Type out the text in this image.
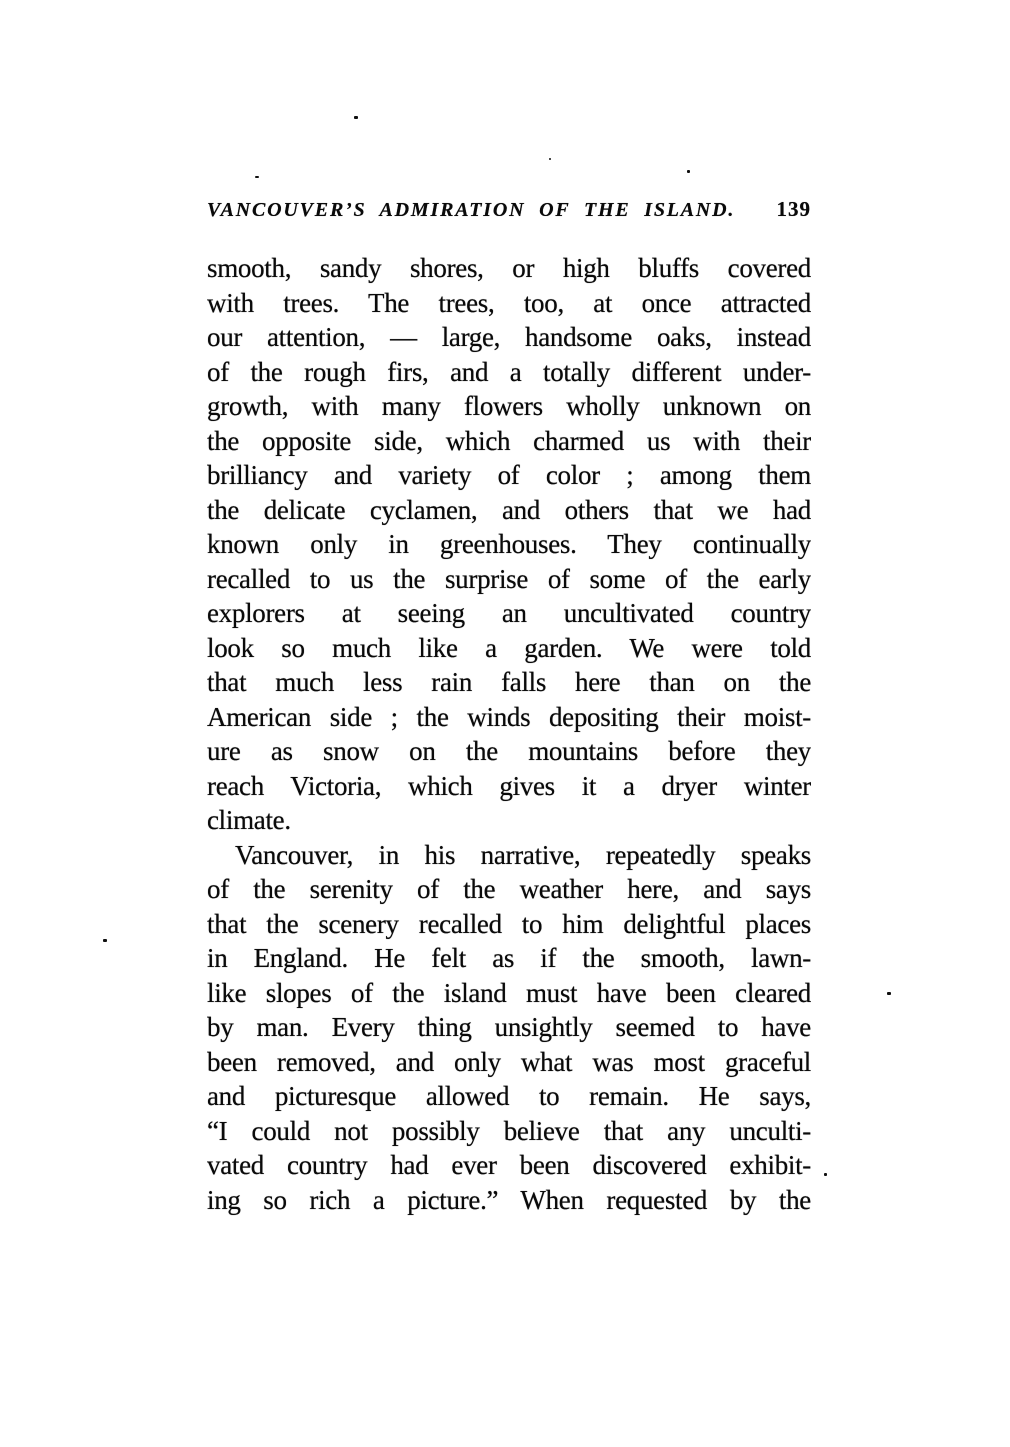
VANCOUVER’S ADMIRATION OF THE ISLAND. 139
smooth, sandy shores, or high bluffs covered
with trees. The trees, too, at once attracted
our attention, — large, handsome oaks, instead
of the rough firs, and a totally different under-
growth, with many flowers wholly unknown on
the opposite side, which charmed us with their
brilliancy and variety of color ; among them
the delicate cyclamen, and others that we had
known only in greenhouses. They continually
recalled to us the surprise of some of the early
explorers at seeing an uncultivated country
look so much like a garden. We were told
that much less rain falls here than on the
American side ; the winds depositing their moist-
ure as snow on the mountains before they
reach Victoria, which gives it a dryer winter
climate.
Vancouver, in his narrative, repeatedly speaks
of the serenity of the weather here, and says
that the scenery recalled to him delightful places
in England. He felt as if the smooth, lawn-
like slopes of the island must have been cleared
by man. Every thing unsightly seemed to have
been removed, and only what was most graceful
and picturesque allowed to remain. He says,
“I could not possibly believe that any unculti-
vated country had ever been discovered exhibit-
ing so rich a picture.” When requested by the
